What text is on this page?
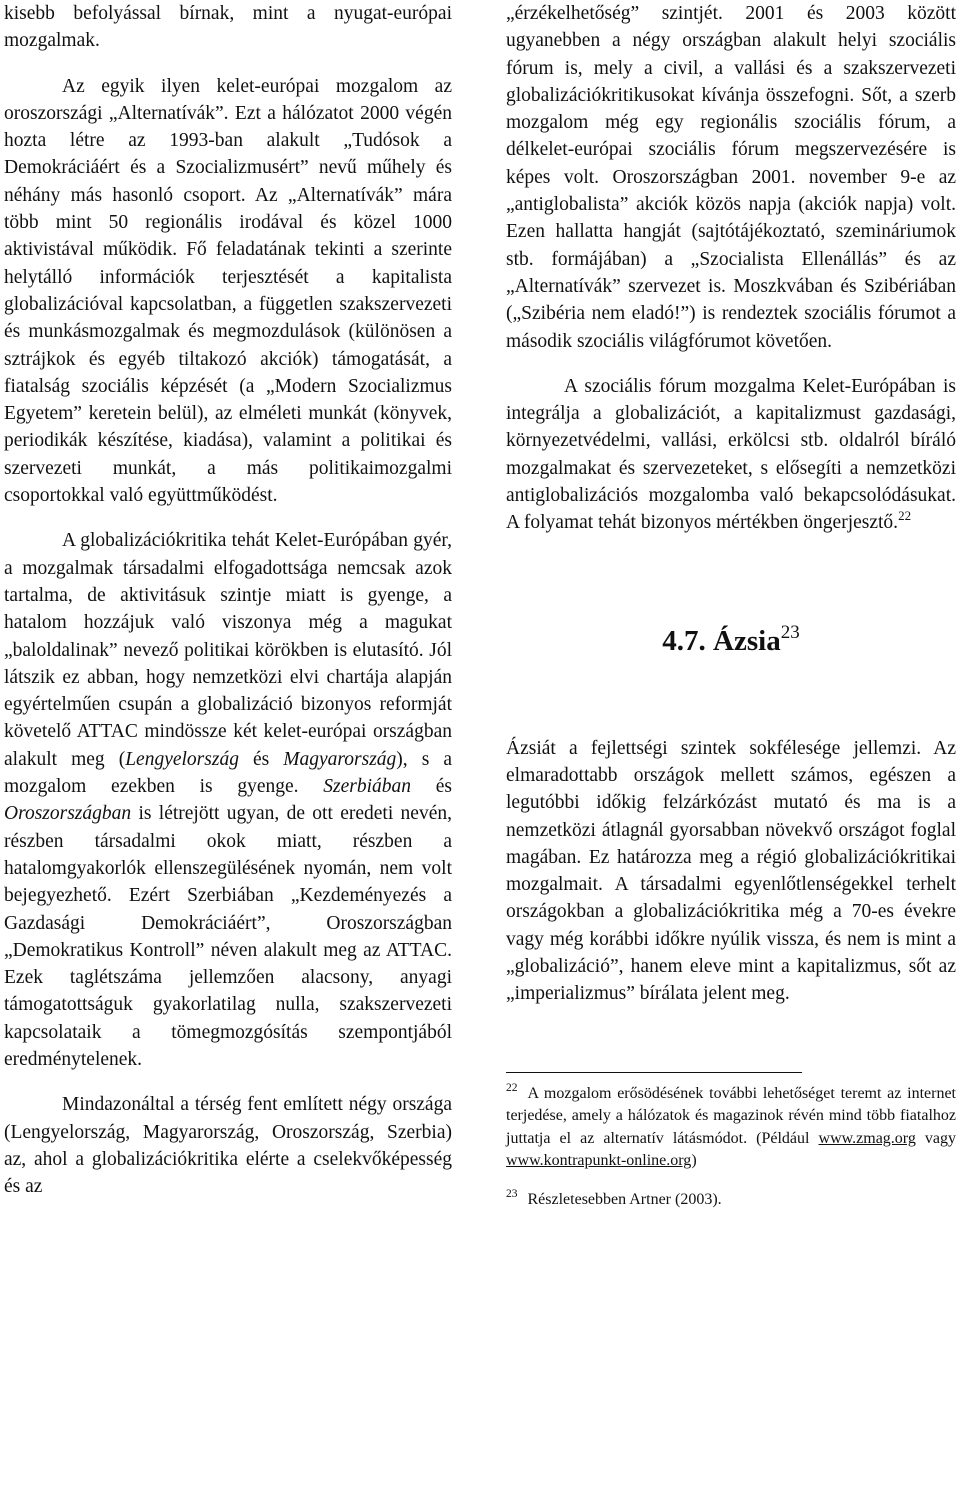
kisebb befolyással bírnak, mint a nyugat-európai mozgalmak.

Az egyik ilyen kelet-európai mozgalom az oroszországi „Alternatívák”. Ezt a hálózatot 2000 végén hozta létre az 1993-ban alakult „Tudósok a Demokráciáért és a Szocializmusért” nevű műhely és néhány más hasonló csoport. Az „Alternatívák” mára több mint 50 regionális irodával és közel 1000 aktivistával működik. Fő feladatának tekinti a szerinte helytálló információk terjesztését a kapitalista globalizációval kapcsolatban, a független szakszervezeti és munkásmozgalmak és megmozdulások (különösen a sztrájkok és egyéb tiltakozó akciók) támogatását, a fiatalság szociális képzését (a „Modern Szocializmus Egyetem” keretein belül), az elméleti munkát (könyvek, periodikák készítése, kiadása), valamint a politikai és szervezeti munkát, a más politikaimozgalmi csoportokkal való együttműködést.

A globalizációkritika tehát Kelet-Európában gyér, a mozgalmak társadalmi elfogadottsága nemcsak azok tartalma, de aktivitásuk szintje miatt is gyenge, a hatalom hozzájuk való viszonya még a magukat „baloldalinak” nevező politikai körökben is elutasító. Jól látszik ez abban, hogy nemzetközi elvi chartája alapján egyértelműen csupán a globalizáció bizonyos reformját követelő ATTAC mindössze két kelet-európai országban alakult meg (Lengyelország és Magyarország), s a mozgalom ezekben is gyenge. Szerbiában és Oroszországban is létrejött ugyan, de ott eredeti nevén, részben társadalmi okok miatt, részben a hatalomgyakorlók ellenszegülésének nyomán, nem volt bejegyezhető. Ezért Szerbiában „Kezdeményezés a Gazdasági Demokráciáért”, Oroszországban „Demokratikus Kontroll” néven alakult meg az ATTAC. Ezek taglétszáma jellemzően alacsony, anyagi támogatottságuk gyakorlatilag nulla, szakszervezeti kapcsolataik a tömegmozgósítás szempontjából eredménytelenek.

Mindazonáltal a térség fent említett négy országa (Lengyelország, Magyarország, Oroszország, Szerbia) az, ahol a globalizációkritika elérte a cselekvőképesség és az

„érzékelhetőség” szintjét. 2001 és 2003 között ugyanebben a négy országban alakult helyi szociális fórum is, mely a civil, a vallási és a szakszervezeti globalizációkritikusokat kívánja összefogni. Sőt, a szerb mozgalom még egy regionális szociális fórum, a délkelet-európai szociális fórum megszervezésére is képes volt. Oroszországban 2001. november 9-e az „antiglobalista” akciók közös napja (akciók napja) volt. Ezen hallatta hangját (sajtótájékoztató, szemináriumok stb. formájában) a „Szocialista Ellenállás” és az „Alternatívák” szervezet is. Moszkvában és Szibériában („Szibéria nem eladó!”) is rendeztek szociális fórumot a második szociális világfórumot követően.

A szociális fórum mozgalma Kelet-Európában is integrálja a globalizációt, a kapitalizmust gazdasági, környezetvédelmi, vallási, erkölcsi stb. oldalról bíráló mozgalmakat és szervezeteket, s elősegíti a nemzetközi antiglobalizációs mozgalomba való bekapcsolódásukat. A folyamat tehát bizonyos mértékben öngerjesztő.$^{22}$

4.7. Ázsia$^{23}$

Ázsiát a fejlettségi szintek sokfélesége jellemzi. Az elmaradottabb országok mellett számos, egészen a legutóbbi időkig felzárkózást mutató és ma is a nemzetközi átlagnál gyorsabban növekvő országot foglal magában. Ez határozza meg a régió globalizációkritikai mozgalmait. A társadalmi egyenlőtlenségekkel terhelt országokban a globalizációkritika még a 70-es évekre vagy még korábbi időkre nyúlik vissza, és nem is mint a „globalizáció”, hanem eleve mint a kapitalizmus, sőt az „imperializmus” bírálata jelent meg.

$^{22}$ A mozgalom erősödésének további lehetőséget teremt az internet terjedése, amely a hálózatok és magazinok révén mind több fiatalhoz juttatja el az alternatív látásmódot. (Például www.zmag.org vagy www.kontrapunkt-online.org)
$^{23}$ Részletesebben Artner (2003).
